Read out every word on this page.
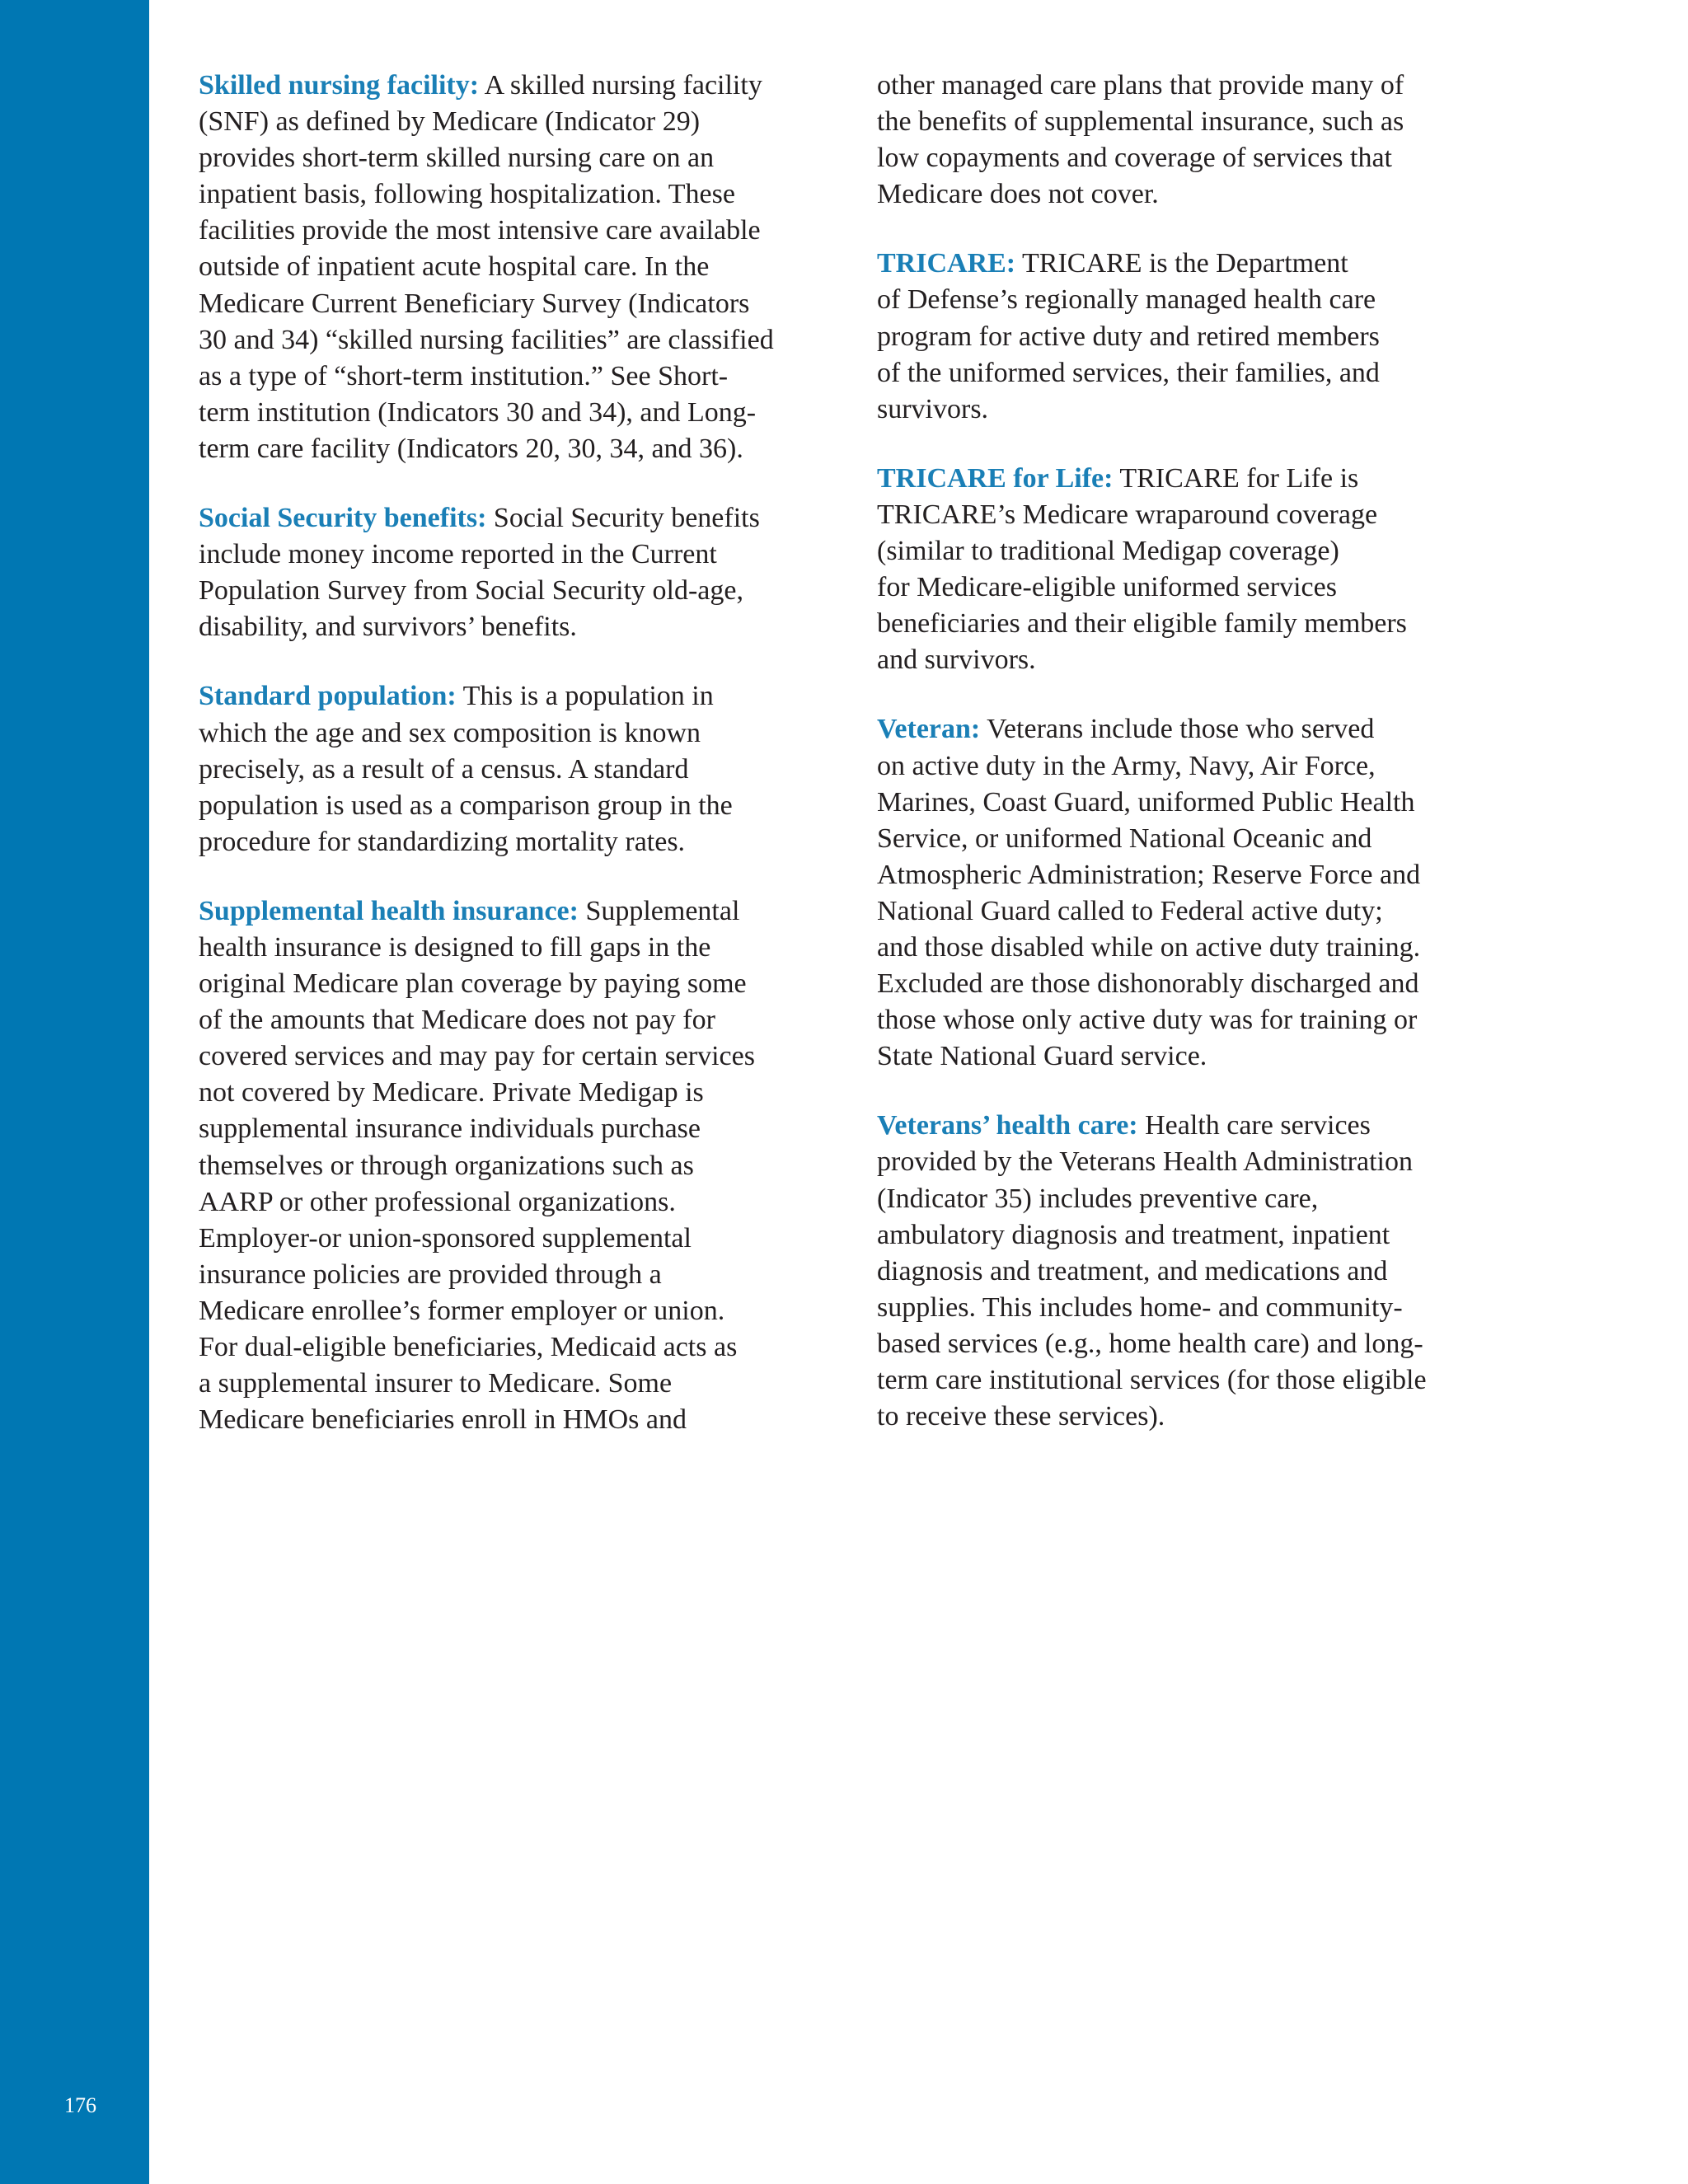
176

Skilled nursing facility: A skilled nursing facility
(SNF) as defined by Medicare (Indicator 29)
provides short-term skilled nursing care on an
inpatient basis, following hospitalization. These
facilities provide the most intensive care available
outside of inpatient acute hospital care. In the
Medicare Current Beneficiary Survey (Indicators
30 and 34) “skilled nursing facilities” are classified
as a type of “short-term institution.” See Short-
term institution (Indicators 30 and 34), and Long-
term care facility (Indicators 20, 30, 34, and 36).

Social Security benefits: Social Security benefits
include money income reported in the Current
Population Survey from Social Security old-age,
disability, and survivors’ benefits.

Standard population: This is a population in
which the age and sex composition is known
precisely, as a result of a census. A standard
population is used as a comparison group in the
procedure for standardizing mortality rates.

Supplemental health insurance: Supplemental
health insurance is designed to fill gaps in the
original Medicare plan coverage by paying some
of the amounts that Medicare does not pay for
covered services and may pay for certain services
not covered by Medicare. Private Medigap is
supplemental insurance individuals purchase
themselves or through organizations such as
AARP or other professional organizations.
Employer-or union-sponsored supplemental
insurance policies are provided through a
Medicare enrollee’s former employer or union.
For dual-eligible beneficiaries, Medicaid acts as
a supplemental insurer to Medicare. Some
Medicare beneficiaries enroll in HMOs and

other managed care plans that provide many of
the benefits of supplemental insurance, such as
low copayments and coverage of services that
Medicare does not cover.

TRICARE: TRICARE is the Department
of Defense’s regionally managed health care
program for active duty and retired members
of the uniformed services, their families, and
survivors.

TRICARE for Life: TRICARE for Life is
TRICARE’s Medicare wraparound coverage
(similar to traditional Medigap coverage)
for Medicare-eligible uniformed services
beneficiaries and their eligible family members
and survivors.

Veteran: Veterans include those who served
on active duty in the Army, Navy, Air Force,
Marines, Coast Guard, uniformed Public Health
Service, or uniformed National Oceanic and
Atmospheric Administration; Reserve Force and
National Guard called to Federal active duty;
and those disabled while on active duty training.
Excluded are those dishonorably discharged and
those whose only active duty was for training or
State National Guard service.

Veterans’ health care: Health care services
provided by the Veterans Health Administration
(Indicator 35) includes preventive care,
ambulatory diagnosis and treatment, inpatient
diagnosis and treatment, and medications and
supplies. This includes home- and community-
based services (e.g., home health care) and long-
term care institutional services (for those eligible
to receive these services).
